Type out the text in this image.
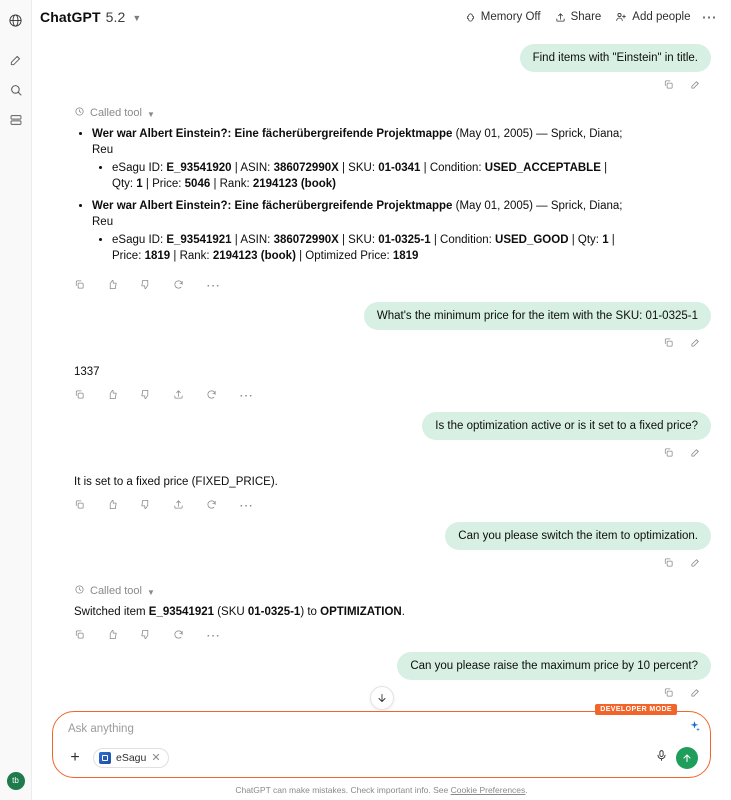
tb
ChatGPT 5.2 ▼	Memory Off	Share	Add people ⋯
Find items with "Einstein" in title.
Called tool ▼
• Wer war Albert Einstein?: Eine fächerübergreifende Projektmappe (May 01, 2005) — Sprick, Diana; Reu
• eSagu ID: E_93541920 | ASIN: 386072990X | SKU: 01-0341 | Condition: USED_ACCEPTABLE | Qty: 1 | Price: 5046 | Rank: 2194123 (book)
• Wer war Albert Einstein?: Eine fächerübergreifende Projektmappe (May 01, 2005) — Sprick, Diana; Reu
• eSagu ID: E_93541921 | ASIN: 386072990X | SKU: 01-0325-1 | Condition: USED_GOOD | Qty: 1 | Price: 1819 | Rank: 2194123 (book) | Optimized Price: 1819
⋯
What's the minimum price for the item with the SKU: 01-0325-1

1337

⋯
Is the optimization active or is it set to a fixed price?

It is set to a fixed price (FIXED_PRICE).

⋯
Can you please switch the item to optimization.
Called tool ▼

Switched item E_93541921 (SKU 01-0325-1) to OPTIMIZATION.

⋯
Can you please raise the maximum price by 10 percent?
DEVELOPER MODE
Ask anything
+	eSagu ✕
ChatGPT can make mistakes. Check important info. See Cookie Preferences.
